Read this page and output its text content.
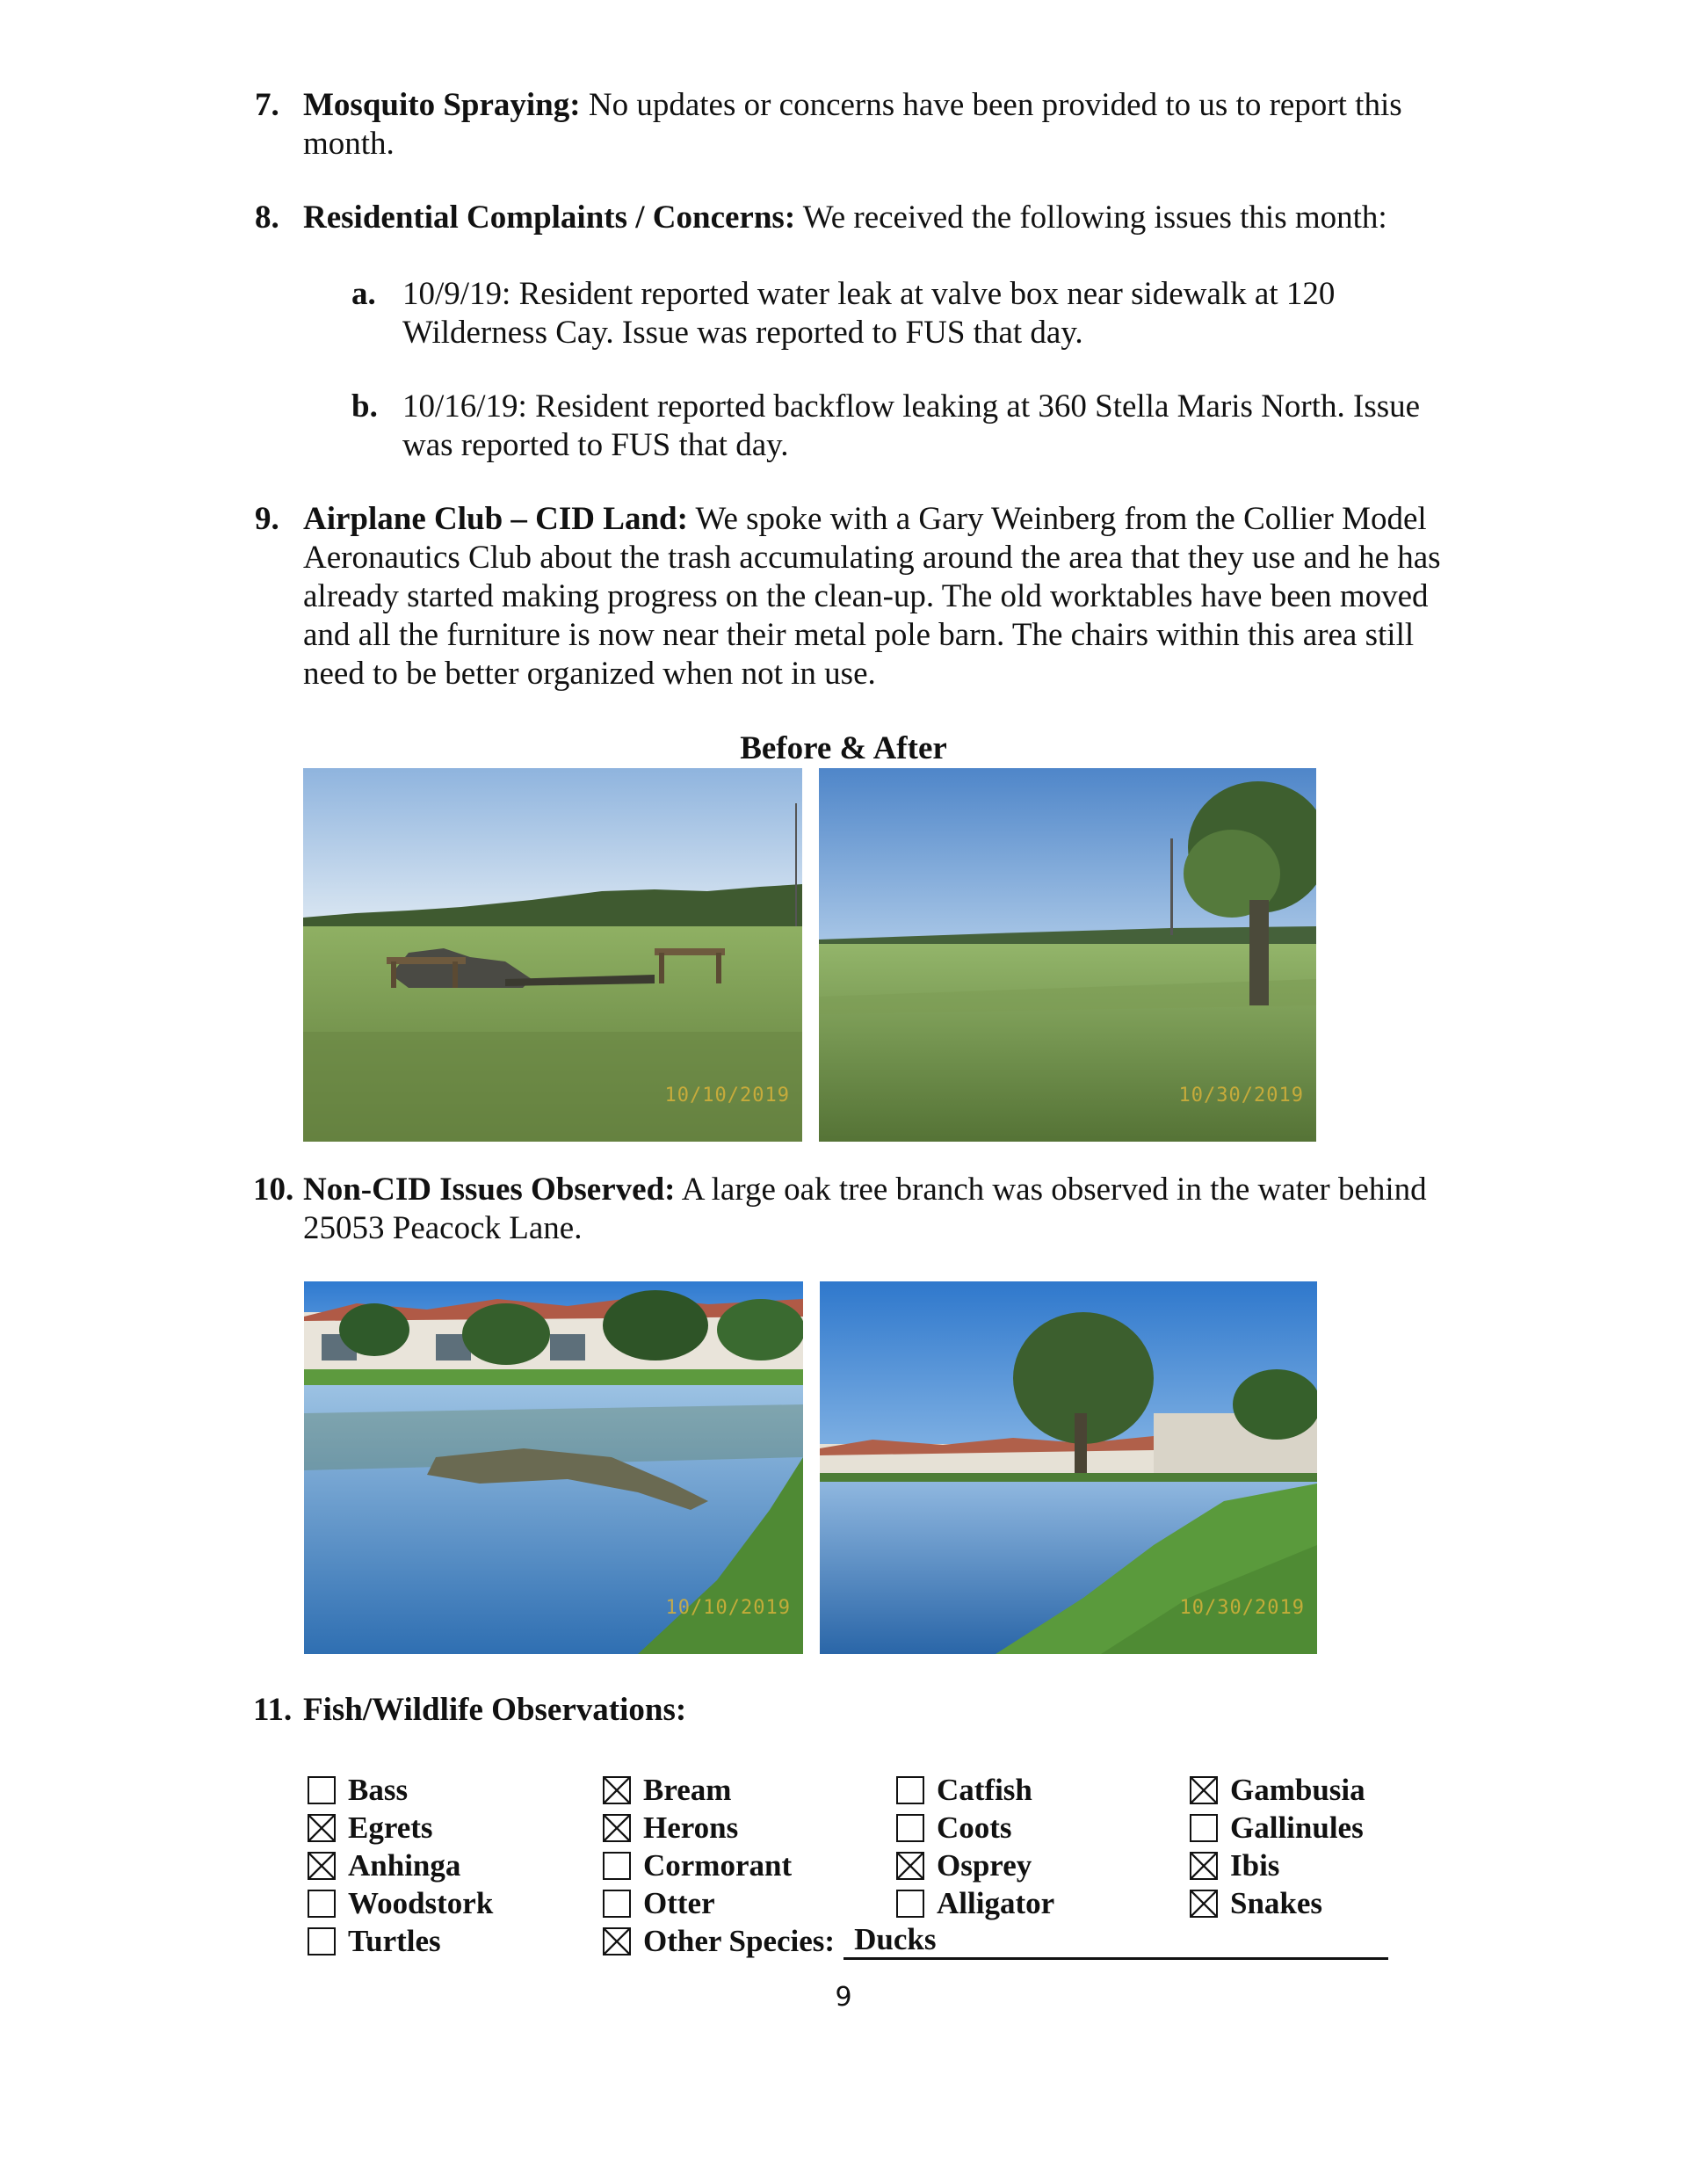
7. Mosquito Spraying: No updates or concerns have been provided to us to report this month.
8. Residential Complaints / Concerns: We received the following issues this month:
a. 10/9/19: Resident reported water leak at valve box near sidewalk at 120 Wilderness Cay. Issue was reported to FUS that day.
b. 10/16/19: Resident reported backflow leaking at 360 Stella Maris North. Issue was reported to FUS that day.
9. Airplane Club – CID Land: We spoke with a Gary Weinberg from the Collier Model Aeronautics Club about the trash accumulating around the area that they use and he has already started making progress on the clean-up. The old worktables have been moved and all the furniture is now near their metal pole barn. The chairs within this area still need to be better organized when not in use.
Before & After
10/10/2019	10/30/2019
10. Non-CID Issues Observed: A large oak tree branch was observed in the water behind 25053 Peacock Lane.
10/10/2019	10/30/2019
11. Fish/Wildlife Observations:
Bass
Egrets
Anhinga
Woodstork
Turtles
Bream
Herons
Cormorant
Otter
Other Species: Ducks
Catfish
Coots
Osprey
Alligator
Gambusia
Gallinules
Ibis
Snakes
9
